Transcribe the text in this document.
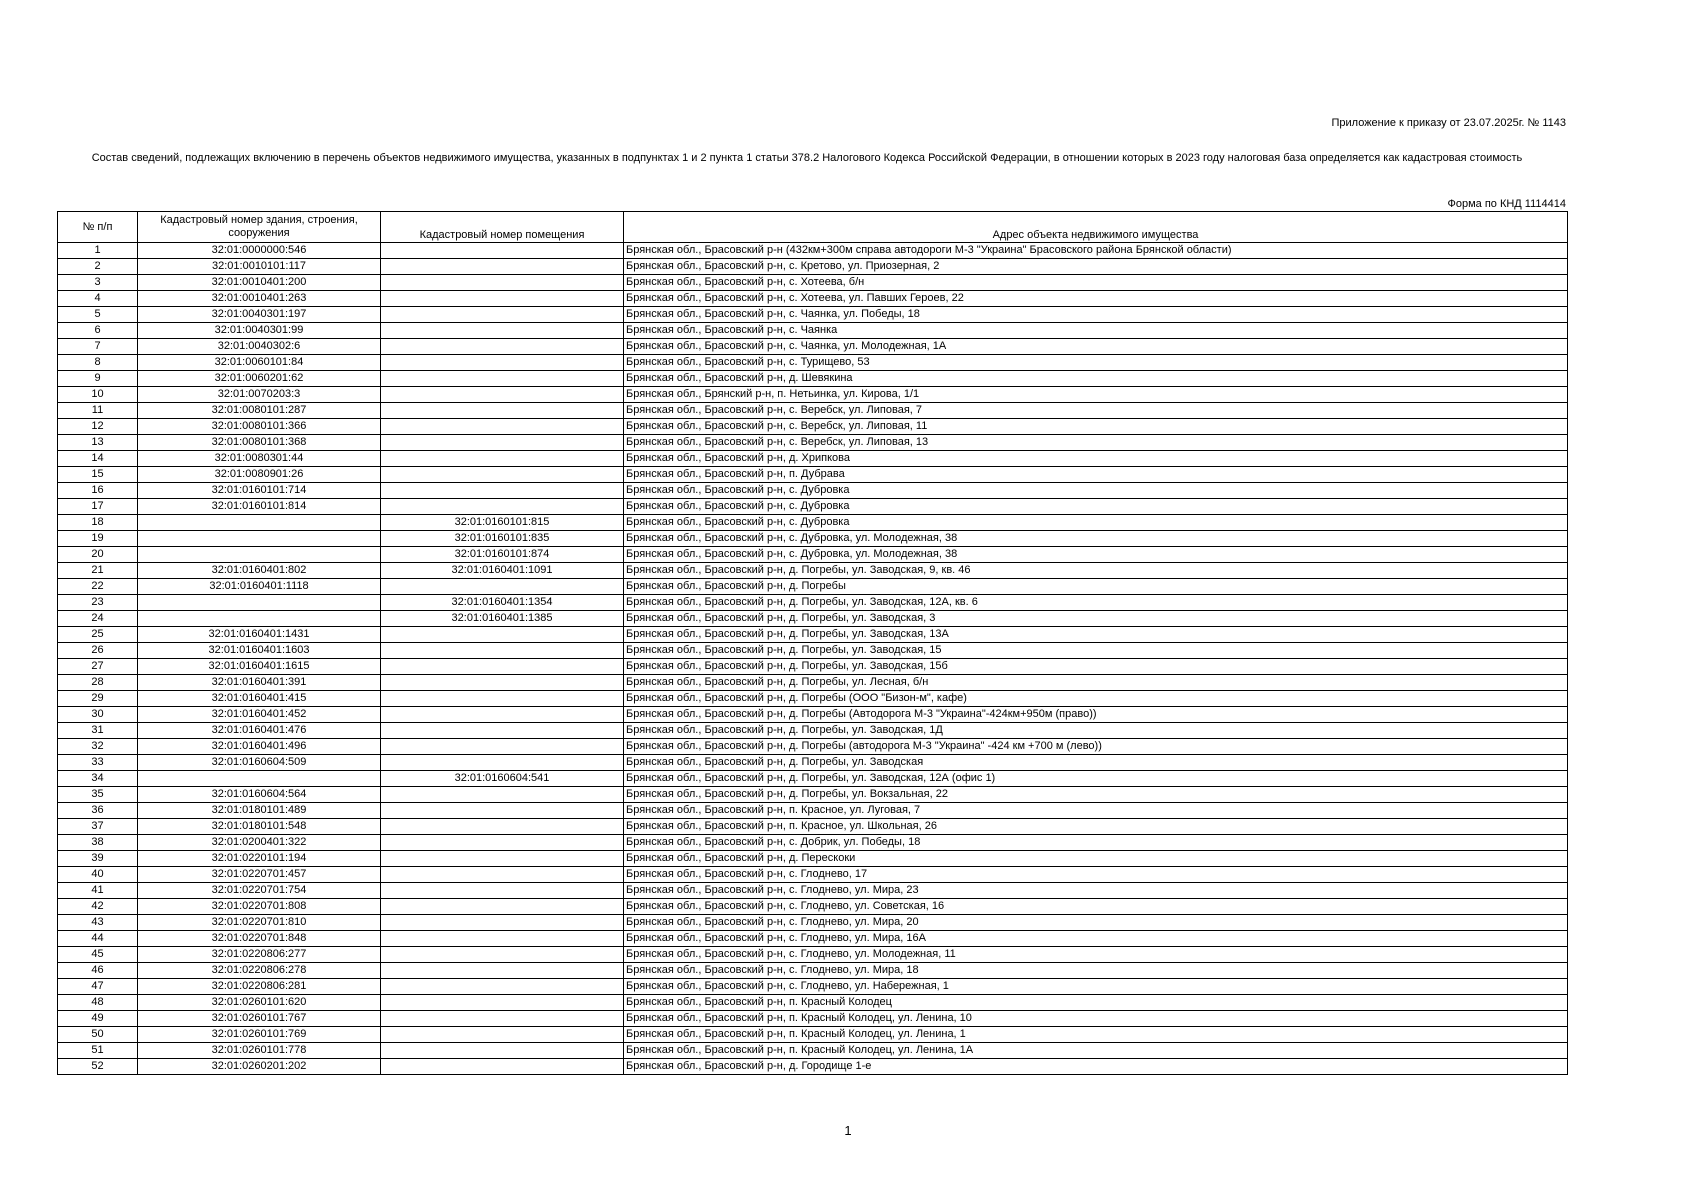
Приложение к приказу от 23.07.2025г. № 1143
Состав сведений, подлежащих включению в перечень объектов недвижимого имущества, указанных в подпунктах 1 и 2 пункта 1 статьи 378.2 Налогового Кодекса Российской Федерации, в отношении которых в 2023 году налоговая база определяется как кадастровая стоимость
Форма по КНД 1114414
№ п/п	Кадастровый номер здания, строения, сооружения	Кадастровый номер помещения	Адрес объекта недвижимого имущества
1	32:01:0000000:546		Брянская обл., Брасовский р-н (432км+300м справа автодороги М-3 "Украина" Брасовского района Брянской области)
2	32:01:0010101:117		Брянская обл., Брасовский р-н, с. Кретово, ул. Приозерная, 2
3	32:01:0010401:200		Брянская обл., Брасовский р-н, с. Хотеева, б/н
4	32:01:0010401:263		Брянская обл., Брасовский р-н, с. Хотеева, ул. Павших Героев, 22
5	32:01:0040301:197		Брянская обл., Брасовский р-н, с. Чаянка, ул. Победы, 18
6	32:01:0040301:99		Брянская обл., Брасовский р-н, с. Чаянка
7	32:01:0040302:6		Брянская обл., Брасовский р-н, с. Чаянка, ул. Молодежная, 1А
8	32:01:0060101:84		Брянская обл., Брасовский р-н, с. Турищево, 53
9	32:01:0060201:62		Брянская обл., Брасовский р-н, д. Шевякина
10	32:01:0070203:3		Брянская обл., Брянский р-н, п. Нетьинка, ул. Кирова, 1/1
11	32:01:0080101:287		Брянская обл., Брасовский р-н, с. Веребск, ул. Липовая, 7
12	32:01:0080101:366		Брянская обл., Брасовский р-н, с. Веребск, ул. Липовая, 11
13	32:01:0080101:368		Брянская обл., Брасовский р-н, с. Веребск, ул. Липовая, 13
14	32:01:0080301:44		Брянская обл., Брасовский р-н, д. Хрипкова
15	32:01:0080901:26		Брянская обл., Брасовский р-н, п. Дубрава
16	32:01:0160101:714		Брянская обл., Брасовский р-н, с. Дубровка
17	32:01:0160101:814		Брянская обл., Брасовский р-н, с. Дубровка
18		32:01:0160101:815	Брянская обл., Брасовский р-н, с. Дубровка
19		32:01:0160101:835	Брянская обл., Брасовский р-н, с. Дубровка, ул. Молодежная, 38
20		32:01:0160101:874	Брянская обл., Брасовский р-н, с. Дубровка, ул. Молодежная, 38
21	32:01:0160401:802	32:01:0160401:1091	Брянская обл., Брасовский р-н, д. Погребы, ул. Заводская, 9, кв. 46
22	32:01:0160401:1118		Брянская обл., Брасовский р-н, д. Погребы
23		32:01:0160401:1354	Брянская обл., Брасовский р-н, д. Погребы, ул. Заводская, 12А, кв. 6
24		32:01:0160401:1385	Брянская обл., Брасовский р-н, д. Погребы, ул. Заводская, 3
25	32:01:0160401:1431		Брянская обл., Брасовский р-н, д. Погребы, ул. Заводская, 13А
26	32:01:0160401:1603		Брянская обл., Брасовский р-н, д. Погребы, ул. Заводская, 15
27	32:01:0160401:1615		Брянская обл., Брасовский р-н, д. Погребы, ул. Заводская, 15б
28	32:01:0160401:391		Брянская обл., Брасовский р-н, д. Погребы, ул. Лесная, б/н
29	32:01:0160401:415		Брянская обл., Брасовский р-н, д. Погребы (ООО "Бизон-м", кафе)
30	32:01:0160401:452		Брянская обл., Брасовский р-н, д. Погребы (Автодорога М-3 "Украина"-424км+950м (право))
31	32:01:0160401:476		Брянская обл., Брасовский р-н, д. Погребы, ул. Заводская, 1Д
32	32:01:0160401:496		Брянская обл., Брасовский р-н, д. Погребы (автодорога М-3 "Украина" -424 км +700 м (лево))
33	32:01:0160604:509		Брянская обл., Брасовский р-н, д. Погребы, ул. Заводская
34		32:01:0160604:541	Брянская обл., Брасовский р-н, д. Погребы, ул. Заводская, 12А (офис 1)
35	32:01:0160604:564		Брянская обл., Брасовский р-н, д. Погребы, ул. Вокзальная, 22
36	32:01:0180101:489		Брянская обл., Брасовский р-н, п. Красное, ул. Луговая, 7
37	32:01:0180101:548		Брянская обл., Брасовский р-н, п. Красное, ул. Школьная, 26
38	32:01:0200401:322		Брянская обл., Брасовский р-н, с. Добрик, ул. Победы, 18
39	32:01:0220101:194		Брянская обл., Брасовский р-н, д. Перескоки
40	32:01:0220701:457		Брянская обл., Брасовский р-н, с. Глоднево, 17
41	32:01:0220701:754		Брянская обл., Брасовский р-н, с. Глоднево, ул. Мира, 23
42	32:01:0220701:808		Брянская обл., Брасовский р-н, с. Глоднево, ул. Советская, 16
43	32:01:0220701:810		Брянская обл., Брасовский р-н, с. Глоднево, ул. Мира, 20
44	32:01:0220701:848		Брянская обл., Брасовский р-н, с. Глоднево, ул. Мира, 16А
45	32:01:0220806:277		Брянская обл., Брасовский р-н, с. Глоднево, ул. Молодежная, 11
46	32:01:0220806:278		Брянская обл., Брасовский р-н, с. Глоднево, ул. Мира, 18
47	32:01:0220806:281		Брянская обл., Брасовский р-н, с. Глоднево, ул. Набережная, 1
48	32:01:0260101:620		Брянская обл., Брасовский р-н, п. Красный Колодец
49	32:01:0260101:767		Брянская обл., Брасовский р-н, п. Красный Колодец, ул. Ленина, 10
50	32:01:0260101:769		Брянская обл., Брасовский р-н, п. Красный Колодец, ул. Ленина, 1
51	32:01:0260101:778		Брянская обл., Брасовский р-н, п. Красный Колодец, ул. Ленина, 1А
52	32:01:0260201:202		Брянская обл., Брасовский р-н, д. Городище 1-е
1
